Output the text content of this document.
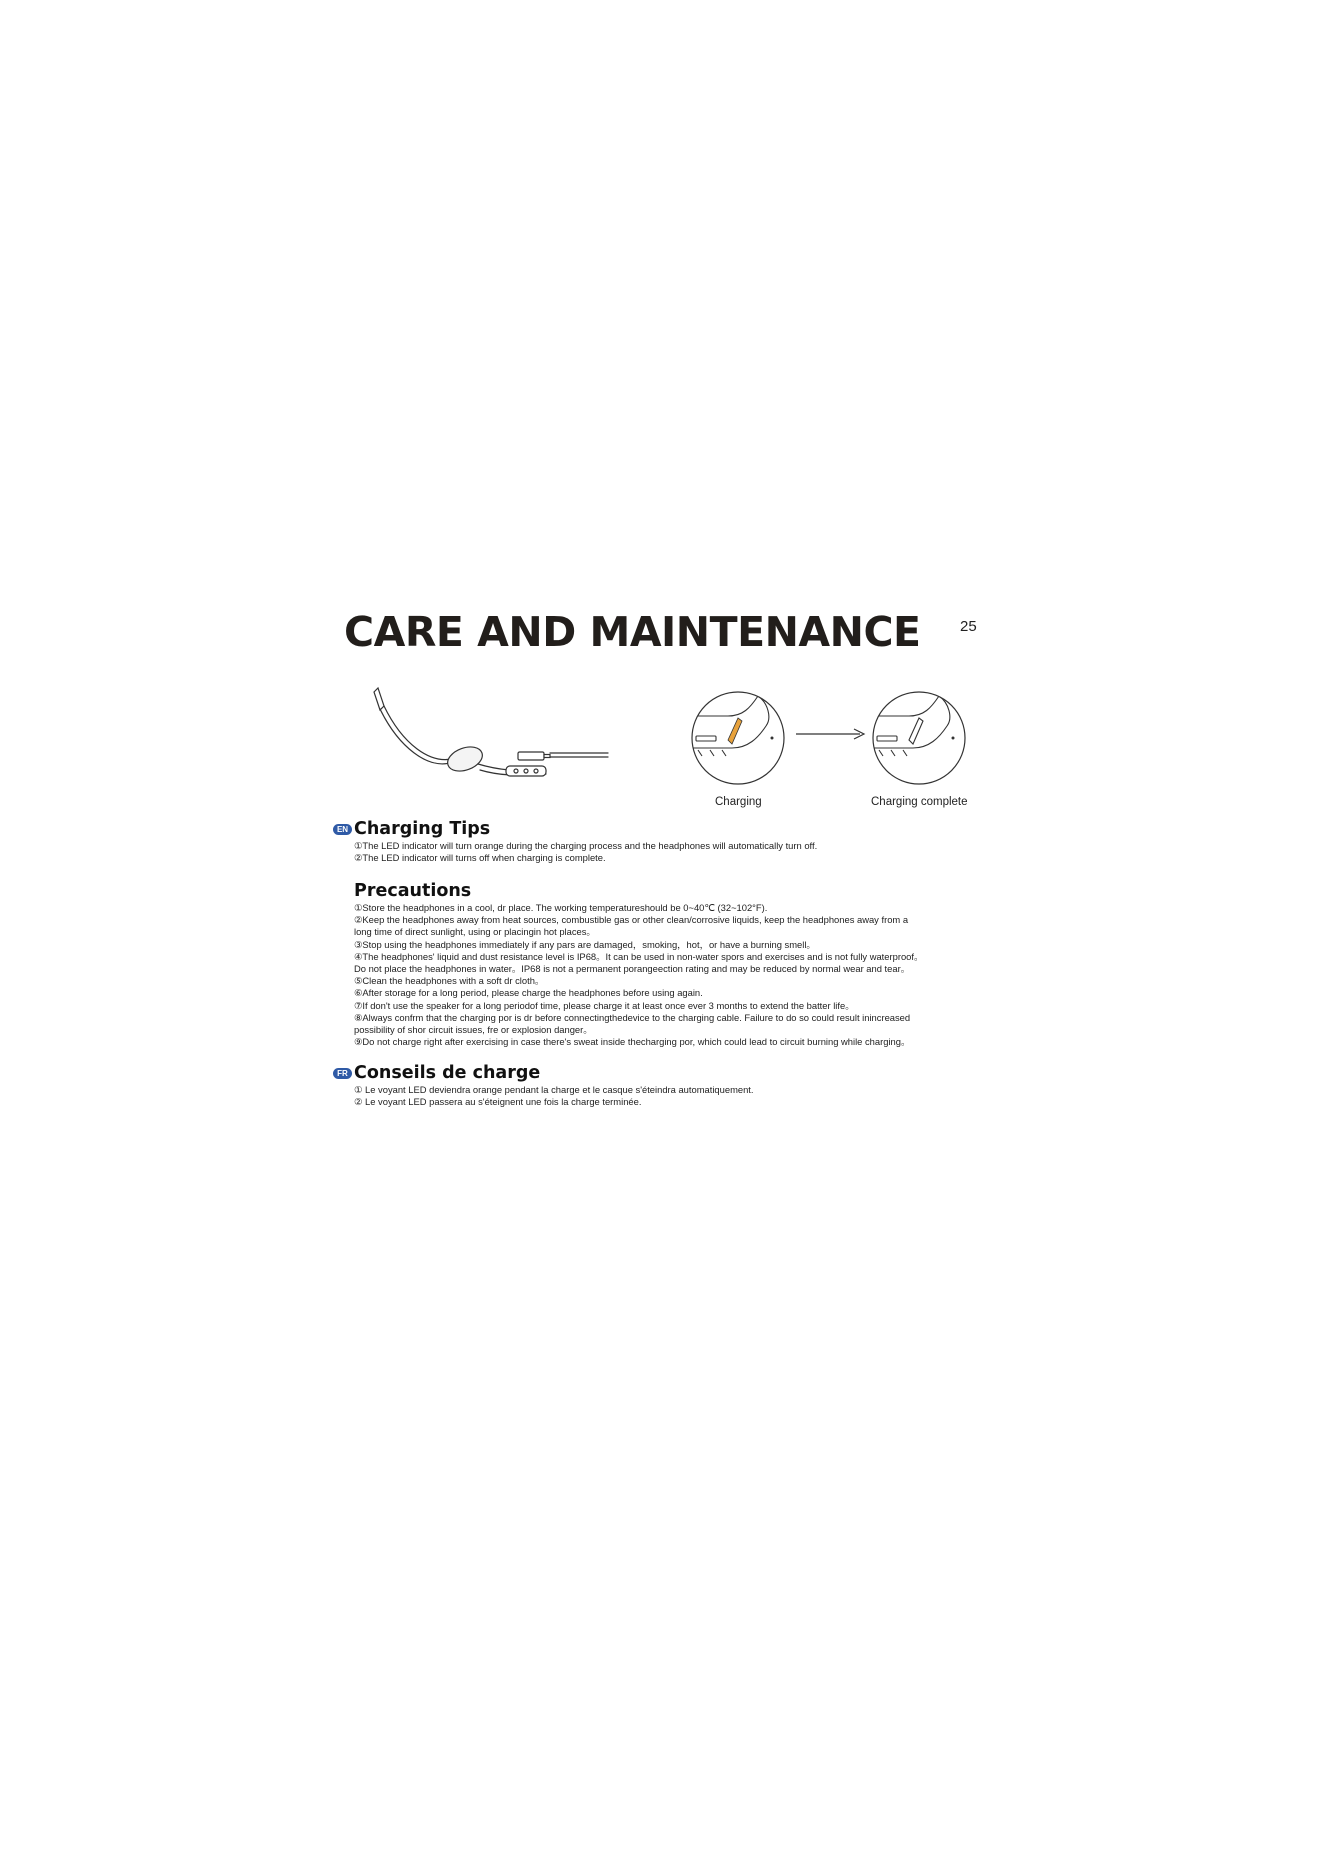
CARE AND MAINTENANCE	25
Charging	Charging complete
EN Charging Tips
①The LED indicator will turn orange during the charging process and the headphones will automatically turn off.
②The LED indicator will turns off when charging is complete.
Precautions
①Store the headphones in a cool, dr place. The working temperatureshould be 0~40℃ (32~102°F).
②Keep the headphones away from heat sources, combustible gas or other clean/corrosive liquids, keep the headphones away from a
long time of direct sunlight, using or placingin hot places。
③Stop using the headphones immediately if any pars are damaged，smoking，hot，or have a burning smell。
④The headphones' liquid and dust resistance level is IP68。It can be used in non-water spors and exercises and is not fully waterproof。
Do not place the headphones in water。IP68 is not a permanent porangeection rating and may be reduced by normal wear and tear。
⑤Clean the headphones with a soft dr cloth。
⑥After storage for a long period, please charge the headphones before using again.
⑦If don't use the speaker for a long periodof time, please charge it at least once ever 3 months to extend the batter life。
⑧Always confrm that the charging por is dr before connectingthedevice to the charging cable. Failure to do so could result inincreased
possibility of shor circuit issues, fre or explosion danger。
⑨Do not charge right after exercising in case there's sweat inside thecharging por, which could lead to circuit burning while charging。
FR Conseils de charge
① Le voyant LED deviendra orange pendant la charge et le casque s'éteindra automatiquement.
② Le voyant LED passera au s'éteignent une fois la charge terminée.
